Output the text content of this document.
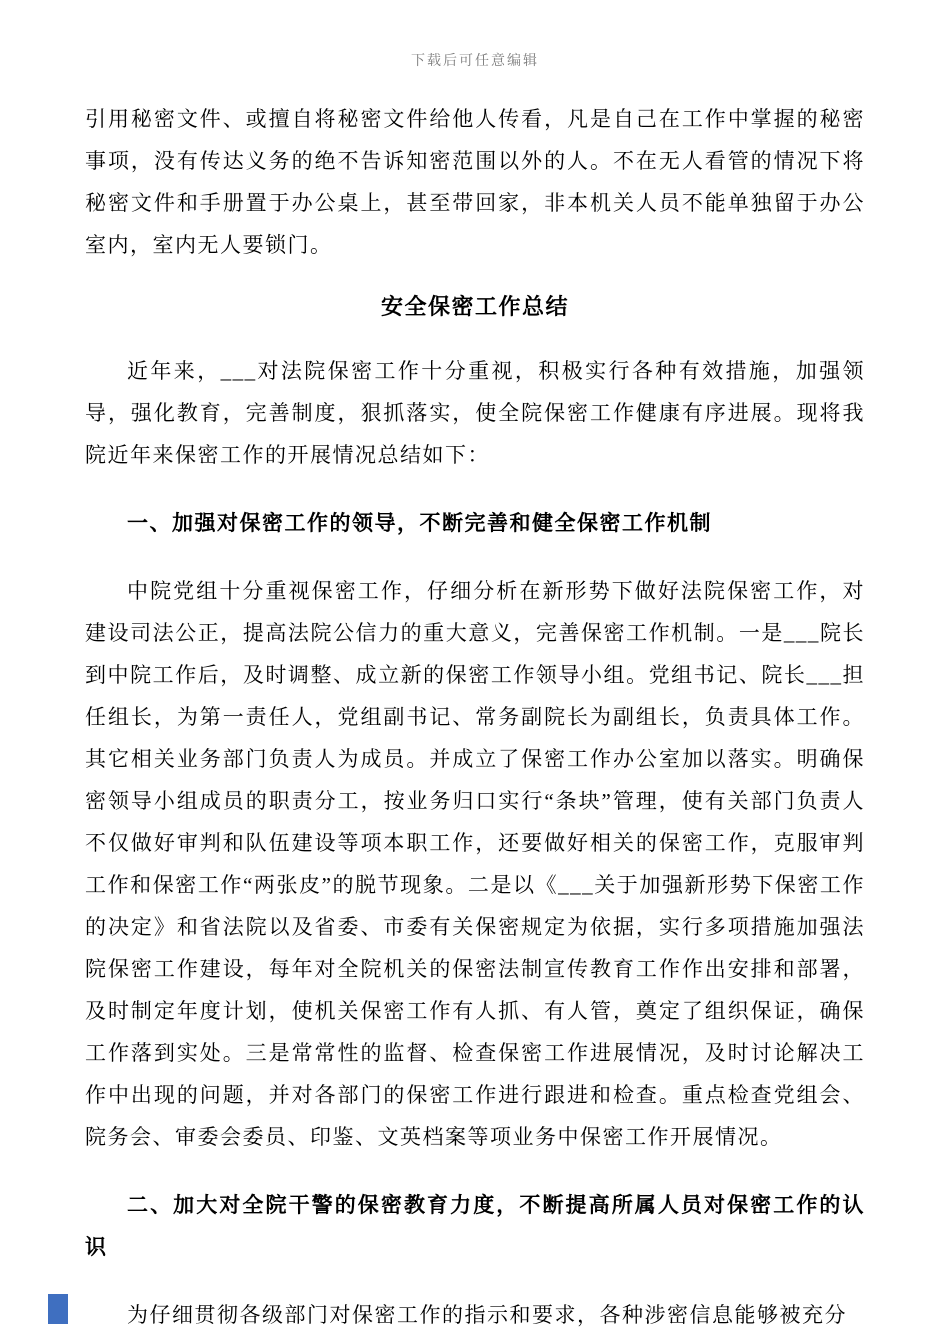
下载后可任意编辑

引用秘密文件、或擅自将秘密文件给他人传看，凡是自己在工作中掌握的秘密事项，没有传达义务的绝不告诉知密范围以外的人。不在无人看管的情况下将秘密文件和手册置于办公桌上，甚至带回家，非本机关人员不能单独留于办公室内，室内无人要锁门。

安全保密工作总结

近年来，___对法院保密工作十分重视，积极实行各种有效措施，加强领导，强化教育，完善制度，狠抓落实，使全院保密工作健康有序进展。现将我院近年来保密工作的开展情况总结如下：

一、加强对保密工作的领导，不断完善和健全保密工作机制

中院党组十分重视保密工作，仔细分析在新形势下做好法院保密工作，对建设司法公正，提高法院公信力的重大意义，完善保密工作机制。一是___院长到中院工作后，及时调整、成立新的保密工作领导小组。党组书记、院长___担任组长，为第一责任人，党组副书记、常务副院长为副组长，负责具体工作。其它相关业务部门负责人为成员。并成立了保密工作办公室加以落实。明确保密领导小组成员的职责分工，按业务归口实行“条块”管理，使有关部门负责人不仅做好审判和队伍建设等项本职工作，还要做好相关的保密工作，克服审判工作和保密工作“两张皮”的脱节现象。二是以《___关于加强新形势下保密工作的决定》和省法院以及省委、市委有关保密规定为依据，实行多项措施加强法院保密工作建设，每年对全院机关的保密法制宣传教育工作作出安排和部署，及时制定年度计划，使机关保密工作有人抓、有人管，奠定了组织保证，确保工作落到实处。三是常常性的监督、检查保密工作进展情况，及时讨论解决工作中出现的问题，并对各部门的保密工作进行跟进和检查。重点检查党组会、院务会、审委会委员、印鉴、文英档案等项业务中保密工作开展情况。

二、加大对全院干警的保密教育力度，不断提高所属人员对保密工作的认识

为仔细贯彻各级部门对保密工作的指示和要求，各种涉密信息能够被充分
